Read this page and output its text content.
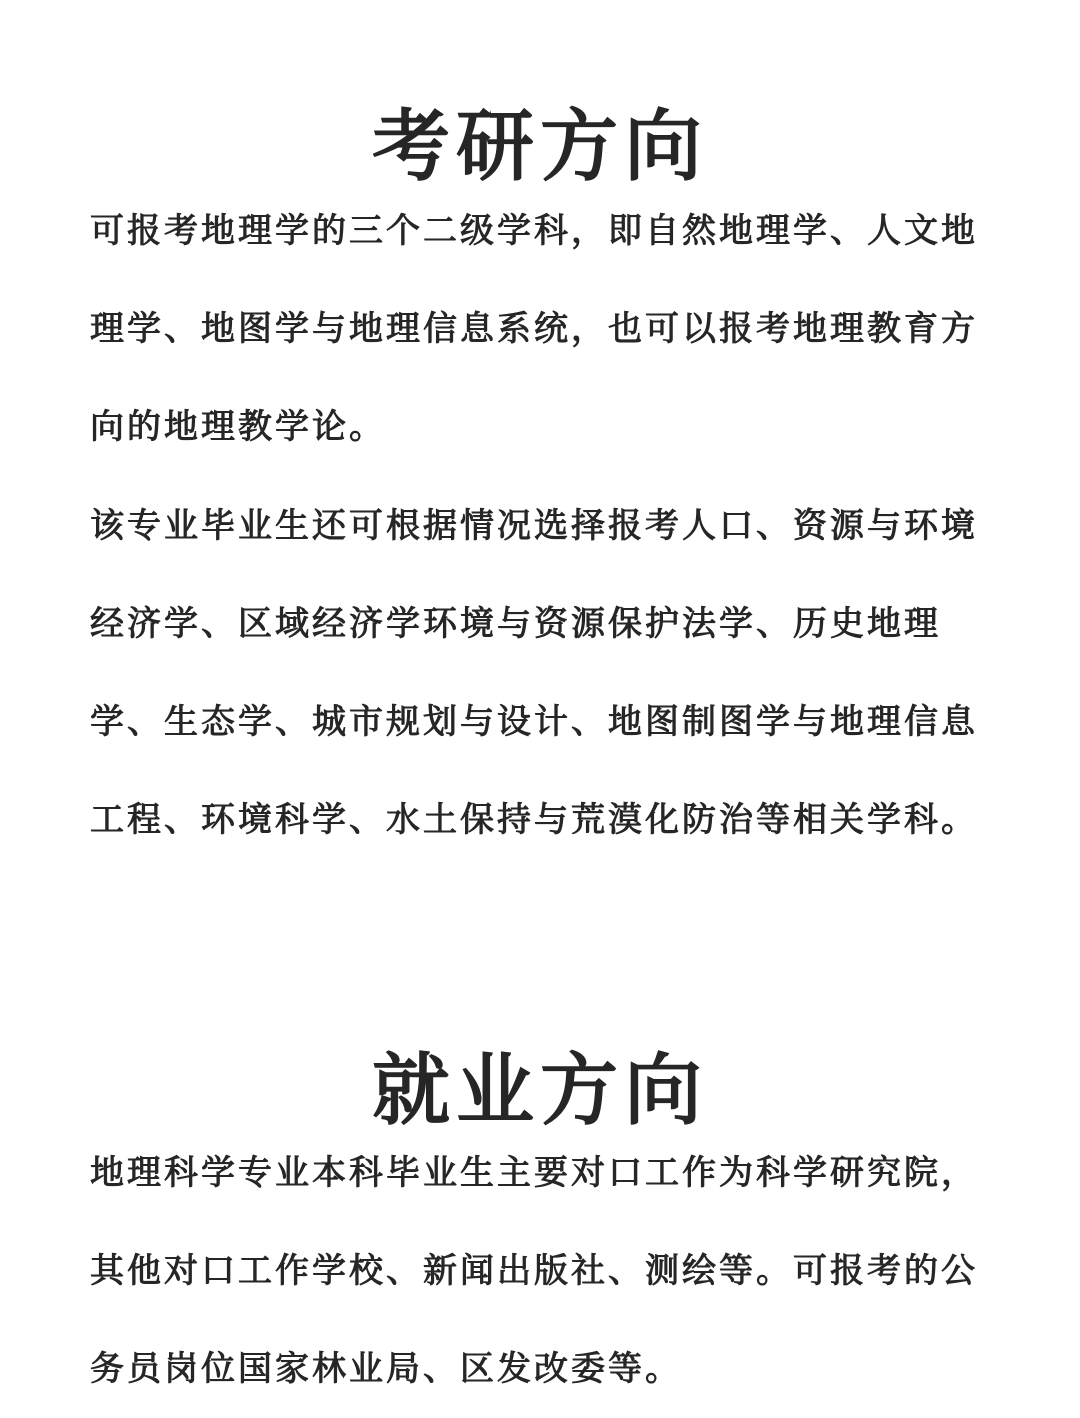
考研方向

可报考地理学的三个二级学科，即自然地理学、人文地理学、地图学与地理信息系统，也可以报考地理教育方向的地理教学论。

该专业毕业生还可根据情况选择报考人口、资源与环境经济学、区域经济学环境与资源保护法学、历史地理学、生态学、城市规划与设计、地图制图学与地理信息工程、环境科学、水土保持与荒漠化防治等相关学科。

就业方向

地理科学专业本科毕业生主要对口工作为科学研究院，其他对口工作学校、新闻出版社、测绘等。可报考的公务员岗位国家林业局、区发改委等。
